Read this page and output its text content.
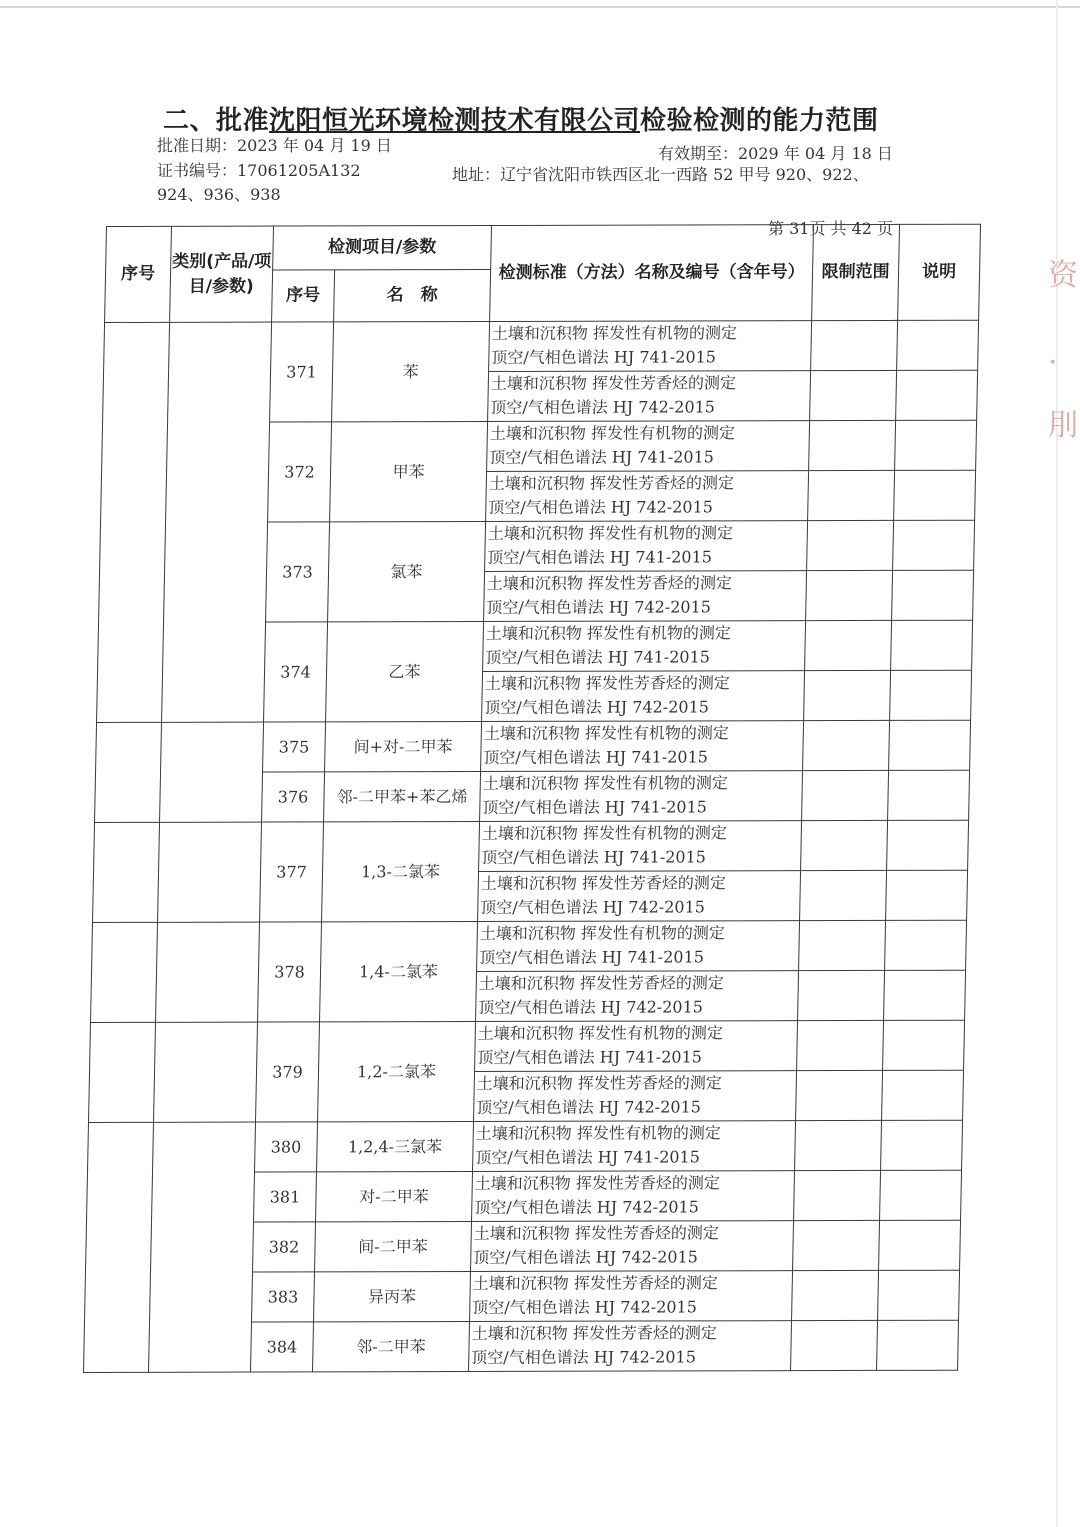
资
·
刖
二、批准沈阳恒光环境检测技术有限公司检验检测的能力范围
批准日期：2023 年 04 月 19 日	有效期至：2029 年 04 月 18 日
证书编号：17061205A132	地址：辽宁省沈阳市铁西区北一西路 52 甲号 920、922、
924、936、938
第 31页 共 42 页
序号	类别(产品/项目/参数)	检测项目/参数		检测标准（方法）名称及编号（含年号）	限制范围	说明
		序号	名　称			
		371	苯	土壤和沉积物 挥发性有机物的测定
顶空/气相色谱法 HJ 741-2015		

				土壤和沉积物 挥发性芳香烃的测定
顶空/气相色谱法 HJ 742-2015		

		372	甲苯	土壤和沉积物 挥发性有机物的测定
顶空/气相色谱法 HJ 741-2015		

				土壤和沉积物 挥发性芳香烃的测定
顶空/气相色谱法 HJ 742-2015		

		373	氯苯	土壤和沉积物 挥发性有机物的测定
顶空/气相色谱法 HJ 741-2015		

				土壤和沉积物 挥发性芳香烃的测定
顶空/气相色谱法 HJ 742-2015		

		374	乙苯	土壤和沉积物 挥发性有机物的测定
顶空/气相色谱法 HJ 741-2015		

				土壤和沉积物 挥发性芳香烃的测定
顶空/气相色谱法 HJ 742-2015		

		375	间+对-二甲苯	土壤和沉积物 挥发性有机物的测定
顶空/气相色谱法 HJ 741-2015		

		376	邻-二甲苯+苯乙烯	土壤和沉积物 挥发性有机物的测定
顶空/气相色谱法 HJ 741-2015		

		377	1,3-二氯苯	土壤和沉积物 挥发性有机物的测定
顶空/气相色谱法 HJ 741-2015		

				土壤和沉积物 挥发性芳香烃的测定
顶空/气相色谱法 HJ 742-2015		

		378	1,4-二氯苯	土壤和沉积物 挥发性有机物的测定
顶空/气相色谱法 HJ 741-2015		

				土壤和沉积物 挥发性芳香烃的测定
顶空/气相色谱法 HJ 742-2015		

		379	1,2-二氯苯	土壤和沉积物 挥发性有机物的测定
顶空/气相色谱法 HJ 741-2015		

				土壤和沉积物 挥发性芳香烃的测定
顶空/气相色谱法 HJ 742-2015		

		380	1,2,4-三氯苯	土壤和沉积物 挥发性有机物的测定
顶空/气相色谱法 HJ 741-2015		

		381	对-二甲苯	土壤和沉积物 挥发性芳香烃的测定
顶空/气相色谱法 HJ 742-2015		

		382	间-二甲苯	土壤和沉积物 挥发性芳香烃的测定
顶空/气相色谱法 HJ 742-2015		

		383	异丙苯	土壤和沉积物 挥发性芳香烃的测定
顶空/气相色谱法 HJ 742-2015		

		384	邻-二甲苯	土壤和沉积物 挥发性芳香烃的测定
顶空/气相色谱法 HJ 742-2015		
